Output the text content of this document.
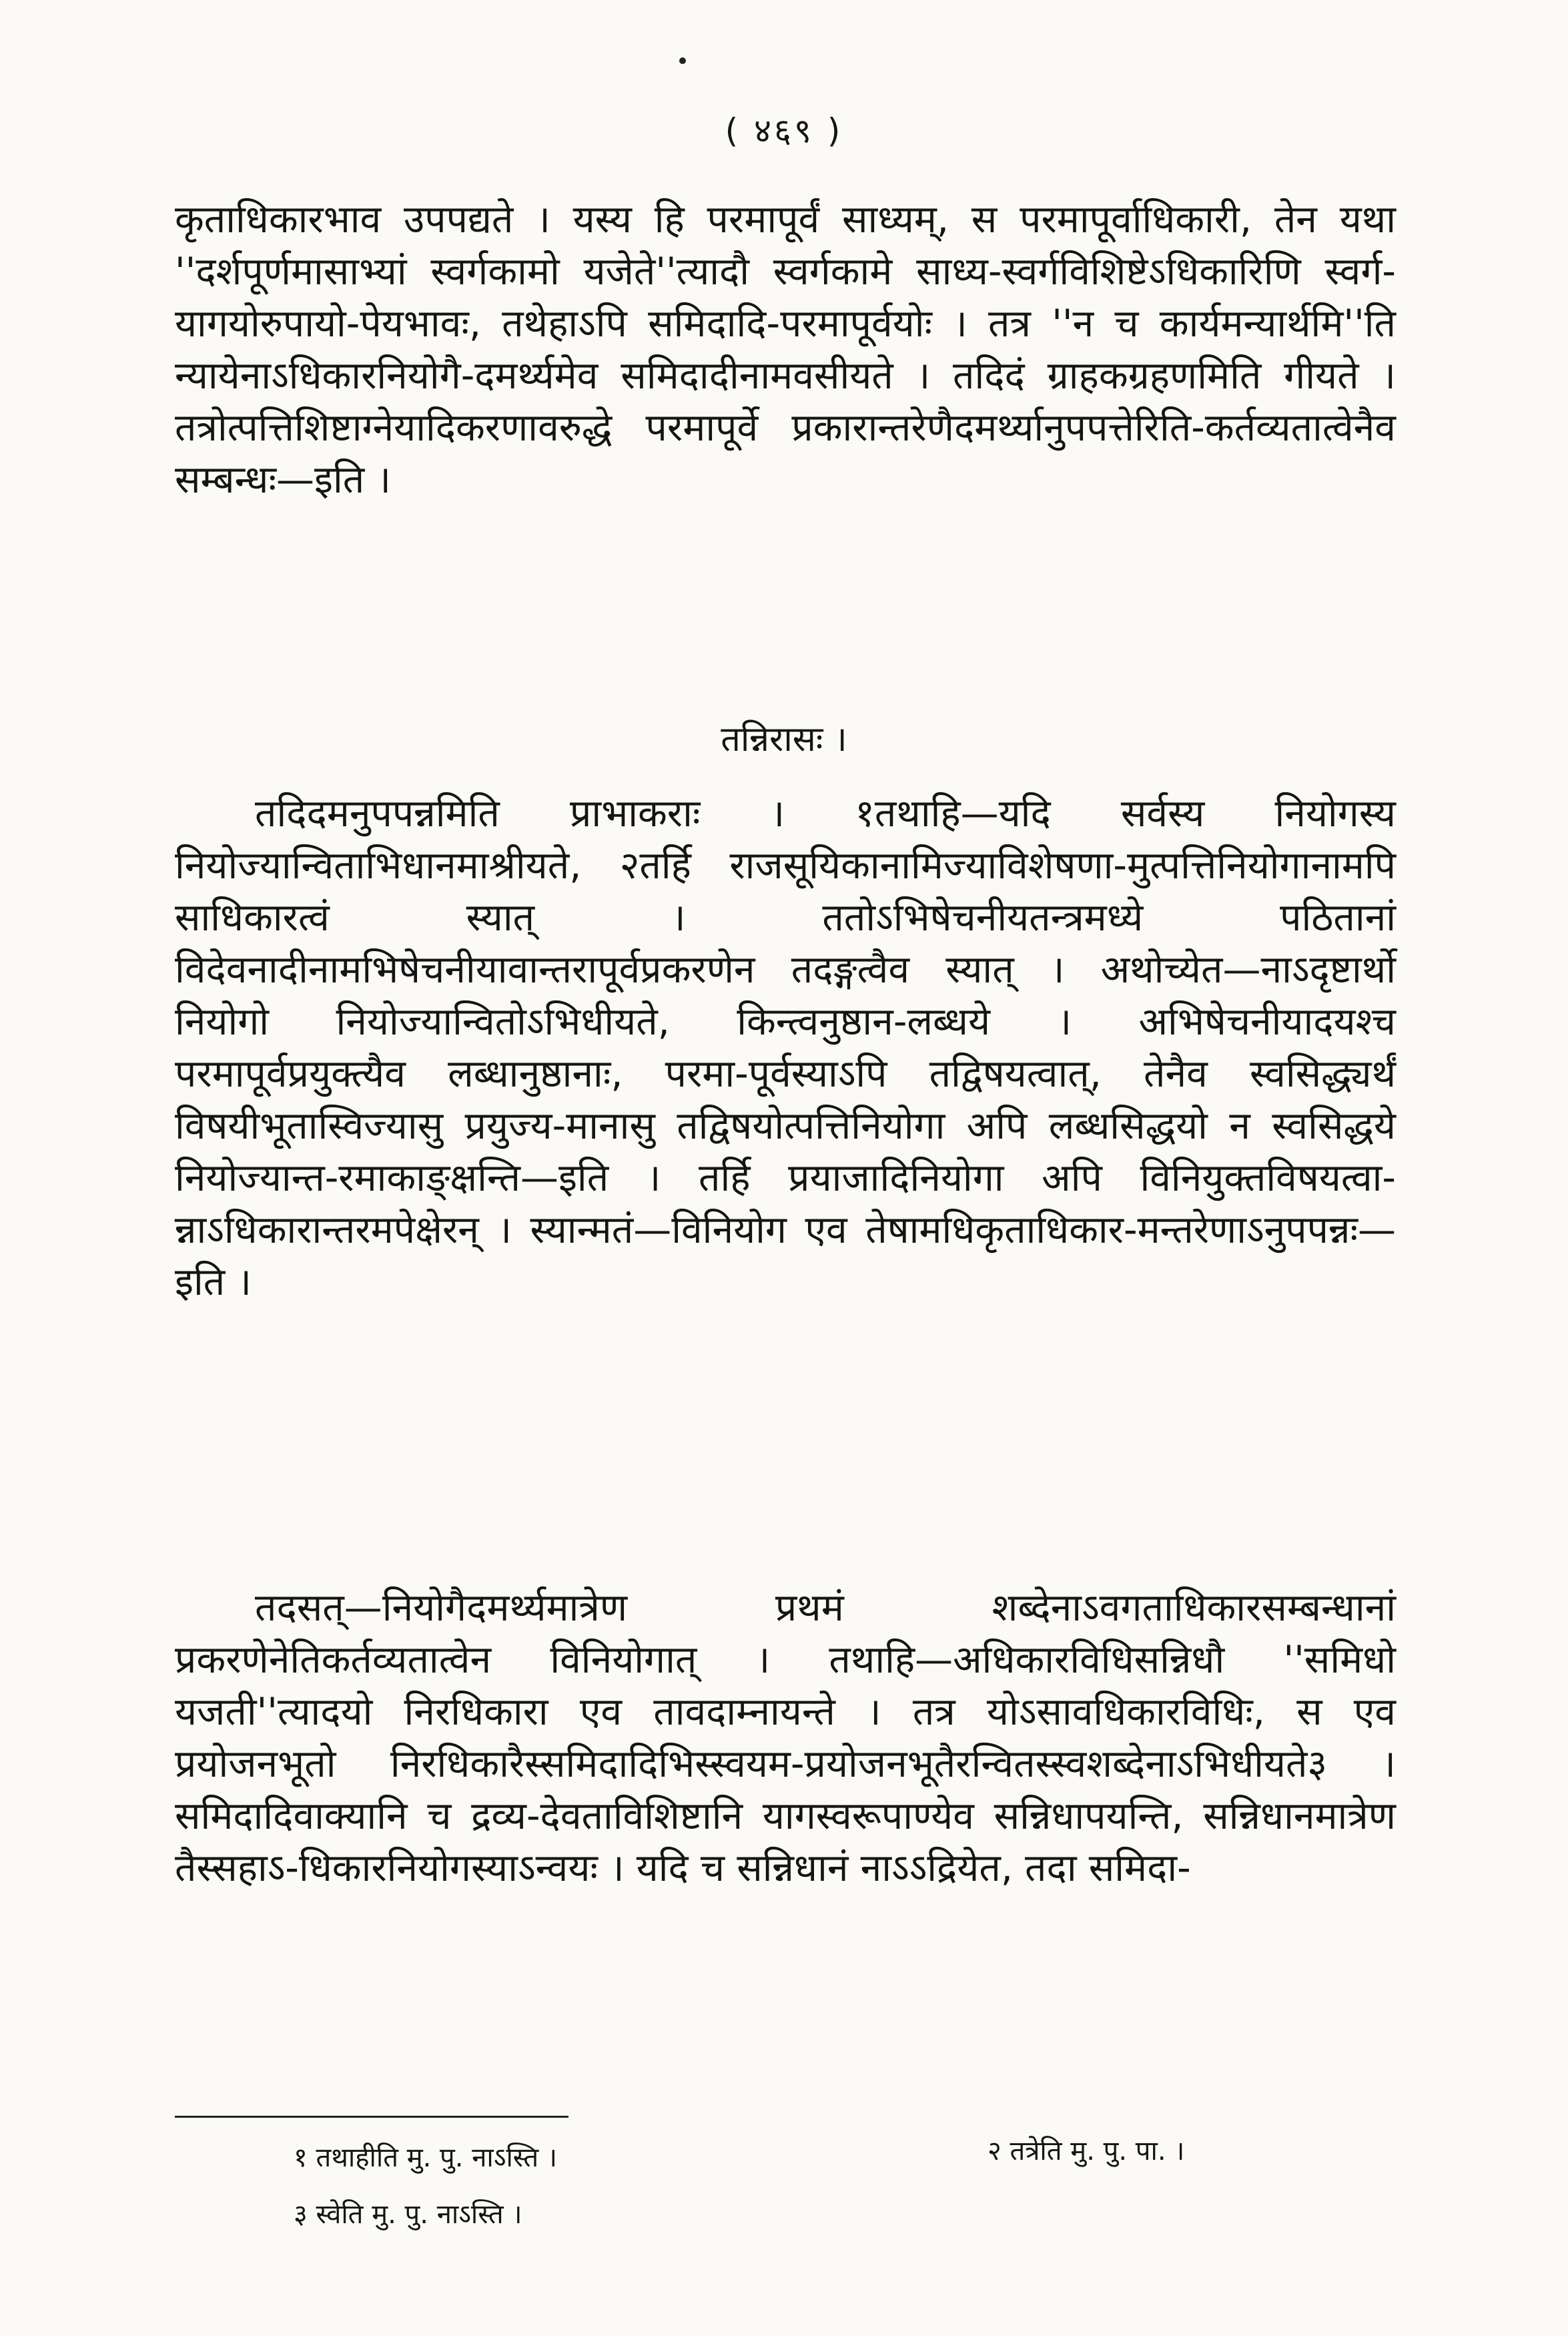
( ४६९ )

कृताधिकारभाव उपपद्यते । यस्य हि परमापूर्वं साध्यम्, स परमापूर्वाधिकारी, तेन यथा ''दर्शपूर्णमासाभ्यां स्वर्गकामो यजेते''त्यादौ स्वर्गकामे साध्य-स्वर्गविशिष्टेऽधिकारिणि स्वर्ग-यागयोरुपायो-पेयभावः, तथेहाऽपि समिदादि-परमापूर्वयोः । तत्र ''न च कार्यमन्यार्थमि''ति न्यायेनाऽधिकारनियोगै-दमर्थ्यमेव समिदादीनामवसीयते । तदिदं ग्राहकग्रहणमिति गीयते । तत्रोत्पत्तिशिष्टाग्नेयादिकरणावरुद्धे परमापूर्वे प्रकारान्तरेणैदमर्थ्यानुपपत्तेरिति-कर्तव्यतात्वेनैव सम्बन्धः—इति ।

तन्निरासः ।

तदिदमनुपपन्नमिति प्राभाकराः । १तथाहि—यदि सर्वस्य नियोगस्य नियोज्यान्विताभिधानमाश्रीयते, २तर्हि राजसूयिकानामिज्याविशेषणा-मुत्पत्तिनियोगानामपि साधिकारत्वं स्यात् । ततोऽभिषेचनीयतन्त्रमध्ये पठितानां विदेवनादीनामभिषेचनीयावान्तरापूर्वप्रकरणेन तदङ्गत्वैव स्यात् । अथोच्येत—नाऽदृष्टार्थो नियोगो नियोज्यान्वितोऽभिधीयते, किन्त्वनुष्ठान-लब्धये । अभिषेचनीयादयश्च परमापूर्वप्रयुक्त्यैव लब्धानुष्ठानाः, परमा-पूर्वस्याऽपि तद्विषयत्वात्, तेनैव स्वसिद्ध्यर्थं विषयीभूतास्विज्यासु प्रयुज्य-मानासु तद्विषयोत्पत्तिनियोगा अपि लब्धसिद्धयो न स्वसिद्धये नियोज्यान्त-रमाकाङ्क्षन्ति—इति । तर्हि प्रयाजादिनियोगा अपि विनियुक्तविषयत्वा-न्नाऽधिकारान्तरमपेक्षेरन् । स्यान्मतं—विनियोग एव तेषामधिकृताधिकार-मन्तरेणाऽनुपपन्नः—इति ।

तदसत्—नियोगैदमर्थ्यमात्रेण प्रथमं शब्देनाऽवगताधिकारसम्बन्धानां प्रकरणेनेतिकर्तव्यतात्वेन विनियोगात् । तथाहि—अधिकारविधिसन्निधौ ''समिधो यजती''त्यादयो निरधिकारा एव तावदाम्नायन्ते । तत्र योऽसावधिकारविधिः, स एव प्रयोजनभूतो निरधिकारैस्समिदादिभिस्स्वयम-प्रयोजनभूतैरन्वितस्स्वशब्देनाऽभिधीयते३ । समिदादिवाक्यानि च द्रव्य-देवताविशिष्टानि यागस्वरूपाण्येव सन्निधापयन्ति, सन्निधानमात्रेण तैस्सहाऽ-धिकारनियोगस्याऽन्वयः । यदि च सन्निधानं नाऽऽद्रियेत, तदा समिदा-

१ तथाहीति मु. पु. नाऽस्ति ।	२ तत्रेति मु. पु. पा. ।
३ स्वेति मु. पु. नाऽस्ति ।
